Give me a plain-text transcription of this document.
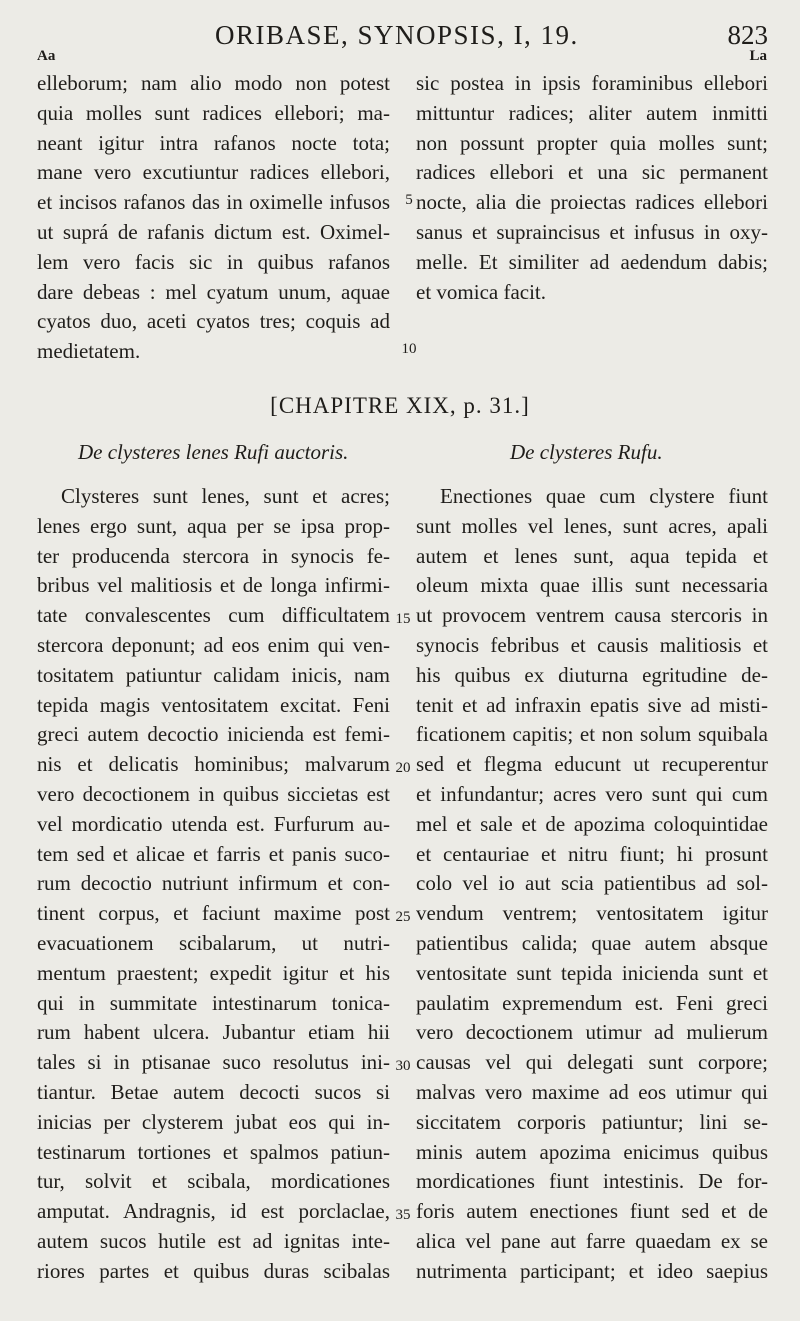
ORIBASE, SYNOPSIS, I, 19.	823
Aa	La
elleborum; nam alio modo non potest
quia molles sunt radices ellebori; ma-
neant igitur intra rafanos nocte tota;
mane vero excutiuntur radices ellebori,
et incisos rafanos das in oximelle infusos
ut suprá de rafanis dictum est. Oximel-
lem vero facis sic in quibus rafanos
dare debeas : mel cyatum unum, aquae
cyatos duo, aceti cyatos tres; coquis ad
medietatem.
sic postea in ipsis foraminibus ellebori
mittuntur radices; aliter autem inmitti
non possunt propter quia molles sunt;
radices ellebori et una sic permanent
nocte, alia die proiectas radices ellebori
sanus et supraincisus et infusus in oxy-
melle. Et similiter ad aedendum dabis;
et vomica facit.
5
10
[CHAPITRE XIX, p. 31.]
De clysteres lenes Rufi auctoris.	De clysteres Rufu.
Clysteres sunt lenes, sunt et acres;
lenes ergo sunt, aqua per se ipsa prop-
ter producenda stercora in synocis fe-
bribus vel malitiosis et de longa infirmi-
tate convalescentes cum difficultatem
stercora deponunt; ad eos enim qui ven-
tositatem patiuntur calidam inicis, nam
tepida magis ventositatem excitat. Feni
greci autem decoctio inicienda est femi-
nis et delicatis hominibus; malvarum
vero decoctionem in quibus siccietas est
vel mordicatio utenda est. Furfurum au-
tem sed et alicae et farris et panis suco-
rum decoctio nutriunt infirmum et con-
tinent corpus, et faciunt maxime post
evacuationem scibalarum, ut nutri-
mentum praestent; expedit igitur et his
qui in summitate intestinarum tonica-
rum habent ulcera. Jubantur etiam hii
tales si in ptisanae suco resolutus ini-
tiantur. Betae autem decocti sucos si
inicias per clysterem jubat eos qui in-
testinarum tortiones et spalmos patiun-
tur, solvit et scibala, mordicationes
amputat. Andragnis, id est porclaclae,
autem sucos hutile est ad ignitas inte-
riores partes et quibus duras scibalas
Enectiones quae cum clystere fiunt
sunt molles vel lenes, sunt acres, apali
autem et lenes sunt, aqua tepida et
oleum mixta quae illis sunt necessaria
ut provocem ventrem causa stercoris in
synocis febribus et causis malitiosis et
his quibus ex diuturna egritudine de-
tenit et ad infraxin epatis sive ad misti-
ficationem capitis; et non solum squibala
sed et flegma educunt ut recuperentur
et infundantur; acres vero sunt qui cum
mel et sale et de apozima coloquintidae
et centauriae et nitru fiunt; hi prosunt
colo vel io aut scia patientibus ad sol-
vendum ventrem; ventositatem igitur
patientibus calida; quae autem absque
ventositate sunt tepida inicienda sunt et
paulatim expremendum est. Feni greci
vero decoctionem utimur ad mulierum
causas vel qui delegati sunt corpore;
malvas vero maxime ad eos utimur qui
siccitatem corporis patiuntur; lini se-
minis autem apozima enicimus quibus
mordicationes fiunt intestinis. De for-
foris autem enectiones fiunt sed et de
alica vel pane aut farre quaedam ex se
nutrimenta participant; et ideo saepius
15
20
25
30
35
